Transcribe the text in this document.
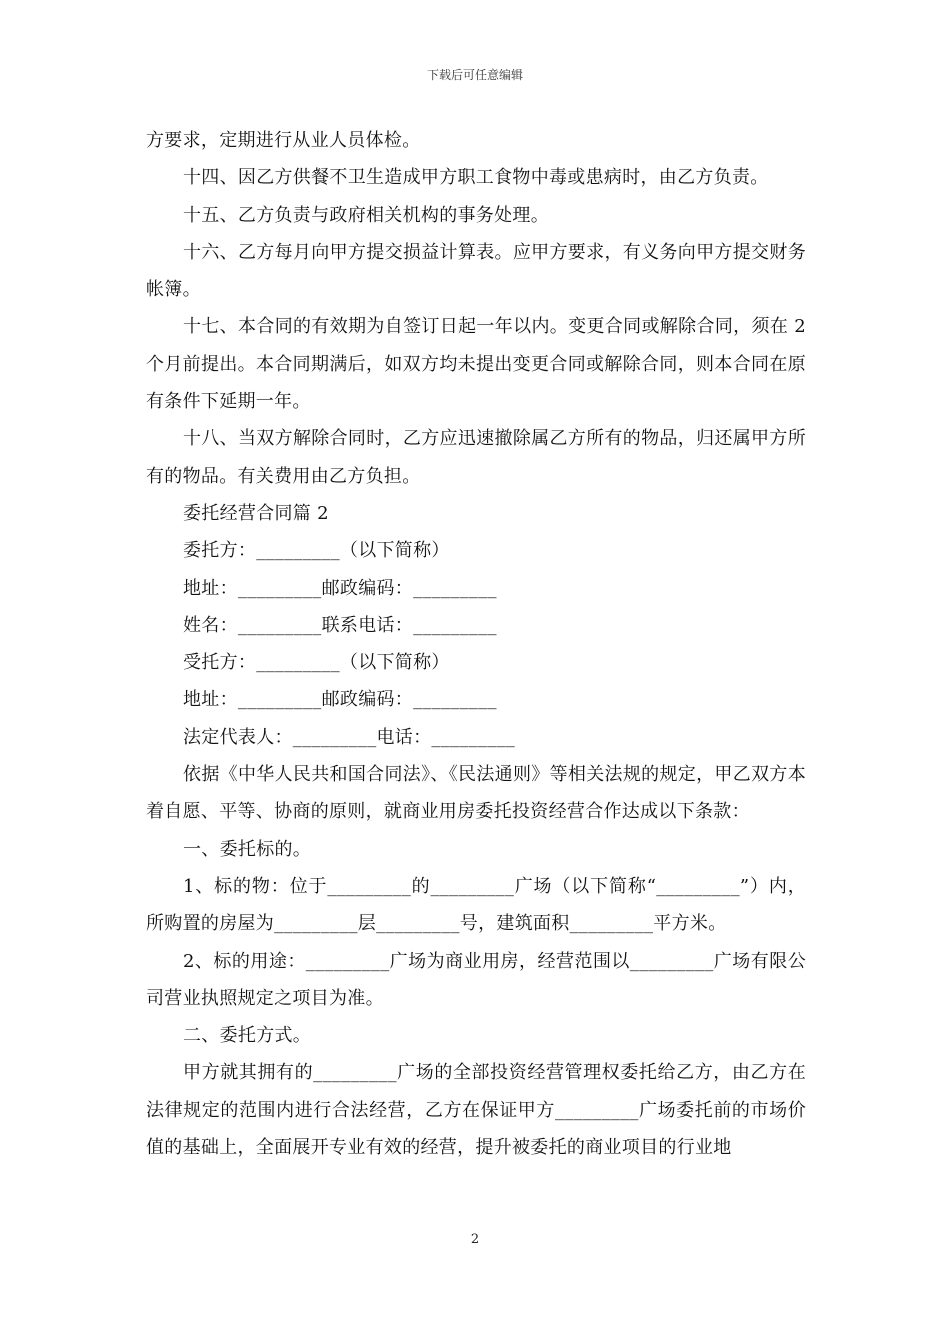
下载后可任意编辑

方要求，定期进行从业人员体检。

十四、因乙方供餐不卫生造成甲方职工食物中毒或患病时，由乙方负责。

十五、乙方负责与政府相关机构的事务处理。

十六、乙方每月向甲方提交损益计算表。应甲方要求，有义务向甲方提交财务帐簿。

十七、本合同的有效期为自签订日起一年以内。变更合同或解除合同，须在 2 个月前提出。本合同期满后，如双方均未提出变更合同或解除合同，则本合同在原有条件下延期一年。

十八、当双方解除合同时，乙方应迅速撤除属乙方所有的物品，归还属甲方所有的物品。有关费用由乙方负担。

委托经营合同篇 2

委托方：_________（以下简称）

地址：_________邮政编码：_________

姓名：_________联系电话：_________

受托方：_________（以下简称）

地址：_________邮政编码：_________

法定代表人：_________电话：_________

依据《中华人民共和国合同法》、《民法通则》等相关法规的规定，甲乙双方本着自愿、平等、协商的原则，就商业用房委托投资经营合作达成以下条款：

一、委托标的。

1、标的物：位于_________的_________广场（以下简称“_________”）内，所购置的房屋为_________层_________号，建筑面积_________平方米。

2、标的用途：_________广场为商业用房，经营范围以_________广场有限公司营业执照规定之项目为准。

二、委托方式。

甲方就其拥有的_________广场的全部投资经营管理权委托给乙方，由乙方在法律规定的范围内进行合法经营，乙方在保证甲方_________广场委托前的市场价值的基础上，全面展开专业有效的经营，提升被委托的商业项目的行业地

2
